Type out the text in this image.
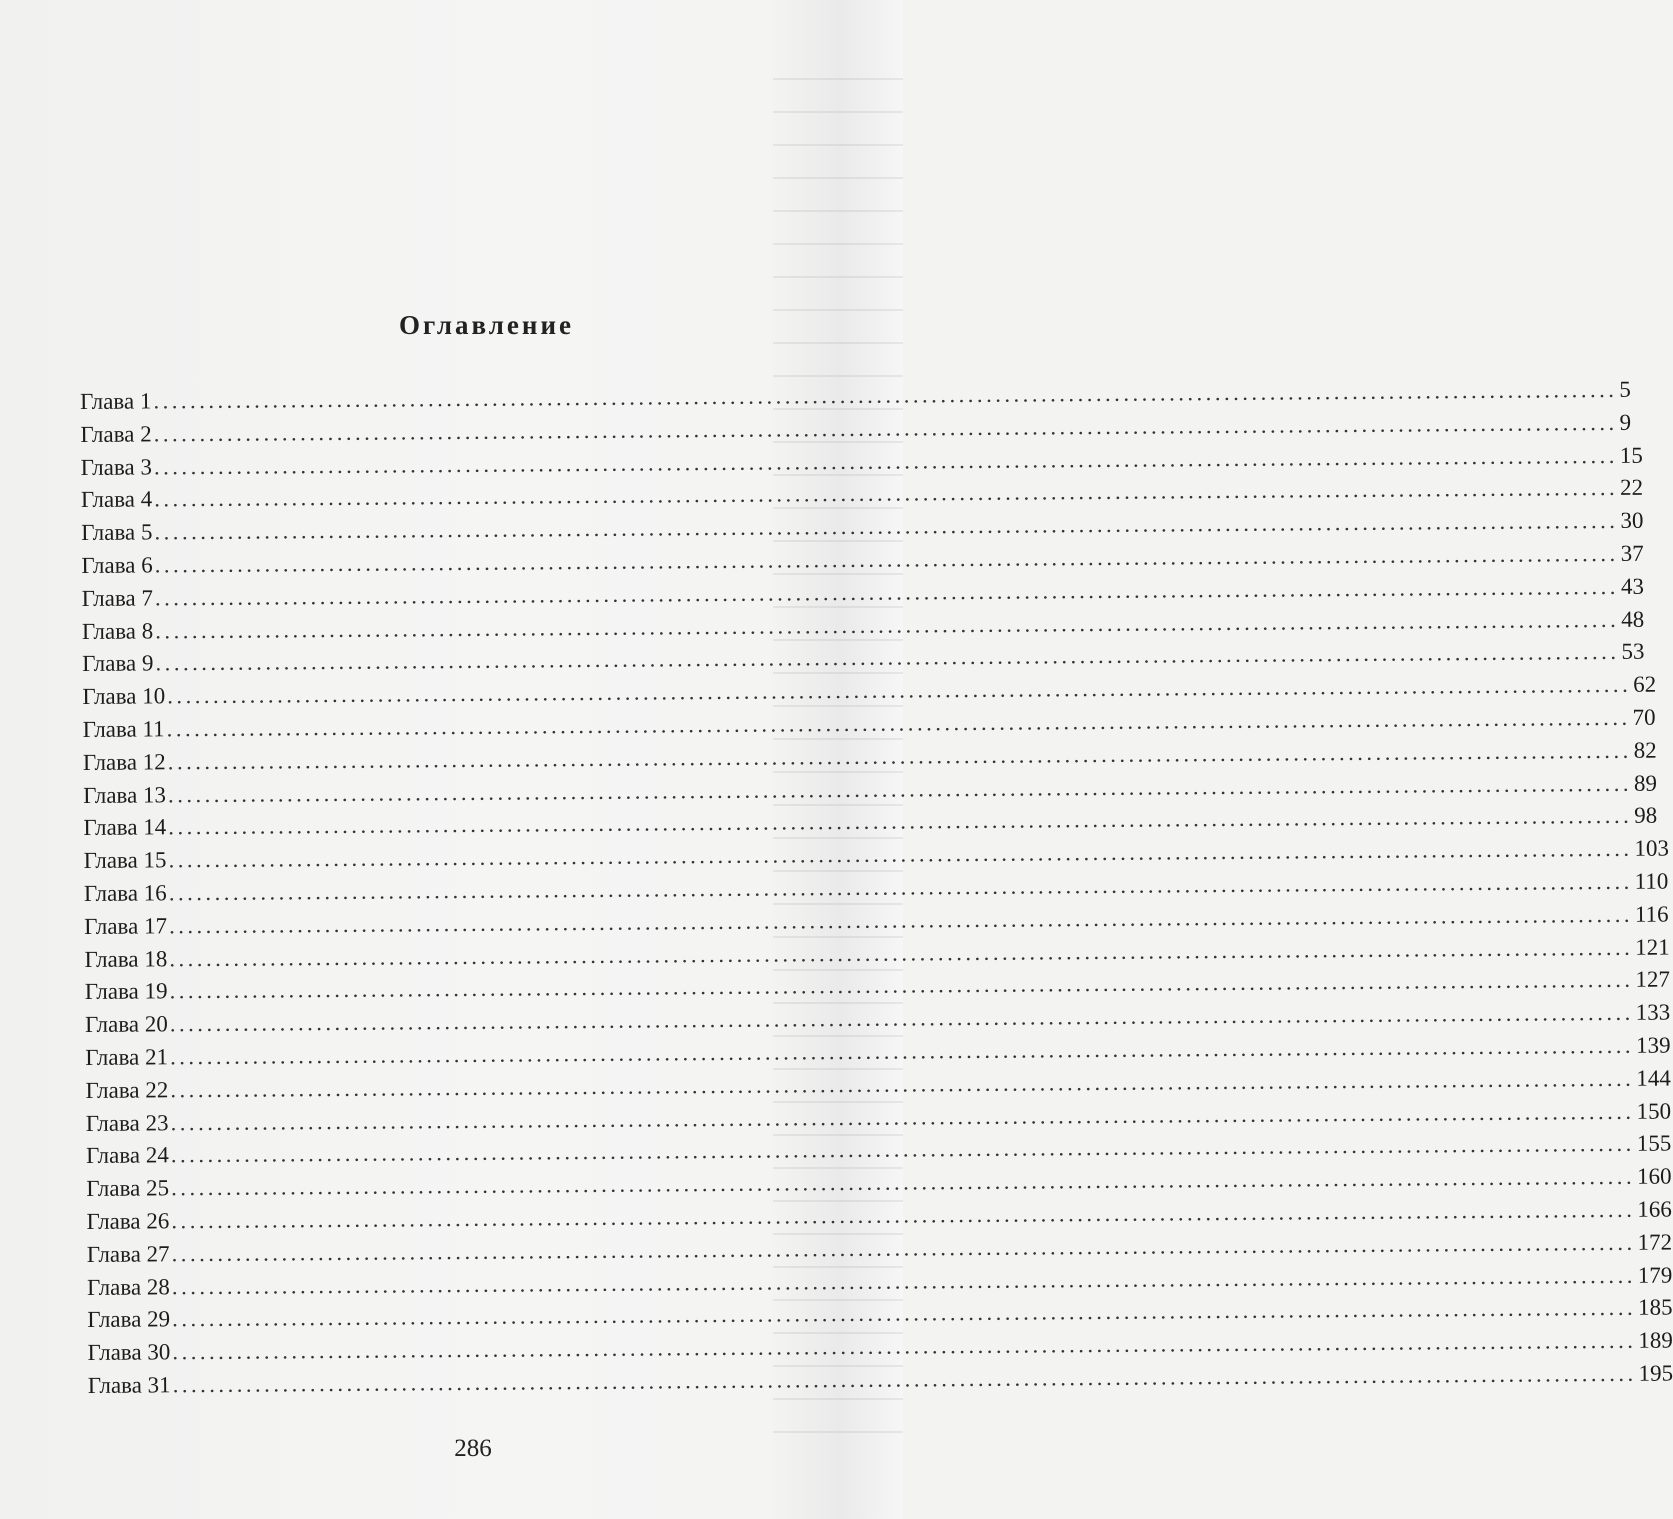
Оглавление
Глава 1 ................................................................................................................................................................ 5
Глава 2 ................................................................................................................................................................ 9
Глава 3 ................................................................................................................................................................ 15
Глава 4 ................................................................................................................................................................ 22
Глава 5 ................................................................................................................................................................ 30
Глава 6 ................................................................................................................................................................ 37
Глава 7 ................................................................................................................................................................ 43
Глава 8 ................................................................................................................................................................ 48
Глава 9 ................................................................................................................................................................ 53
Глава 10 ................................................................................................................................................................ 62
Глава 11 ................................................................................................................................................................ 70
Глава 12 ................................................................................................................................................................ 82
Глава 13 ................................................................................................................................................................ 89
Глава 14 ................................................................................................................................................................ 98
Глава 15 ................................................................................................................................................................ 103
Глава 16 ................................................................................................................................................................ 110
Глава 17 ................................................................................................................................................................ 116
Глава 18 ................................................................................................................................................................ 121
Глава 19 ................................................................................................................................................................ 127
Глава 20 ................................................................................................................................................................ 133
Глава 21 ................................................................................................................................................................ 139
Глава 22 ................................................................................................................................................................ 144
Глава 23 ................................................................................................................................................................ 150
Глава 24 ................................................................................................................................................................ 155
Глава 25 ................................................................................................................................................................ 160
Глава 26 ................................................................................................................................................................ 166
Глава 27 ................................................................................................................................................................ 172
Глава 28 ................................................................................................................................................................ 179
Глава 29 ................................................................................................................................................................ 185
Глава 30 ................................................................................................................................................................ 189
Глава 31 ................................................................................................................................................................ 195
286
